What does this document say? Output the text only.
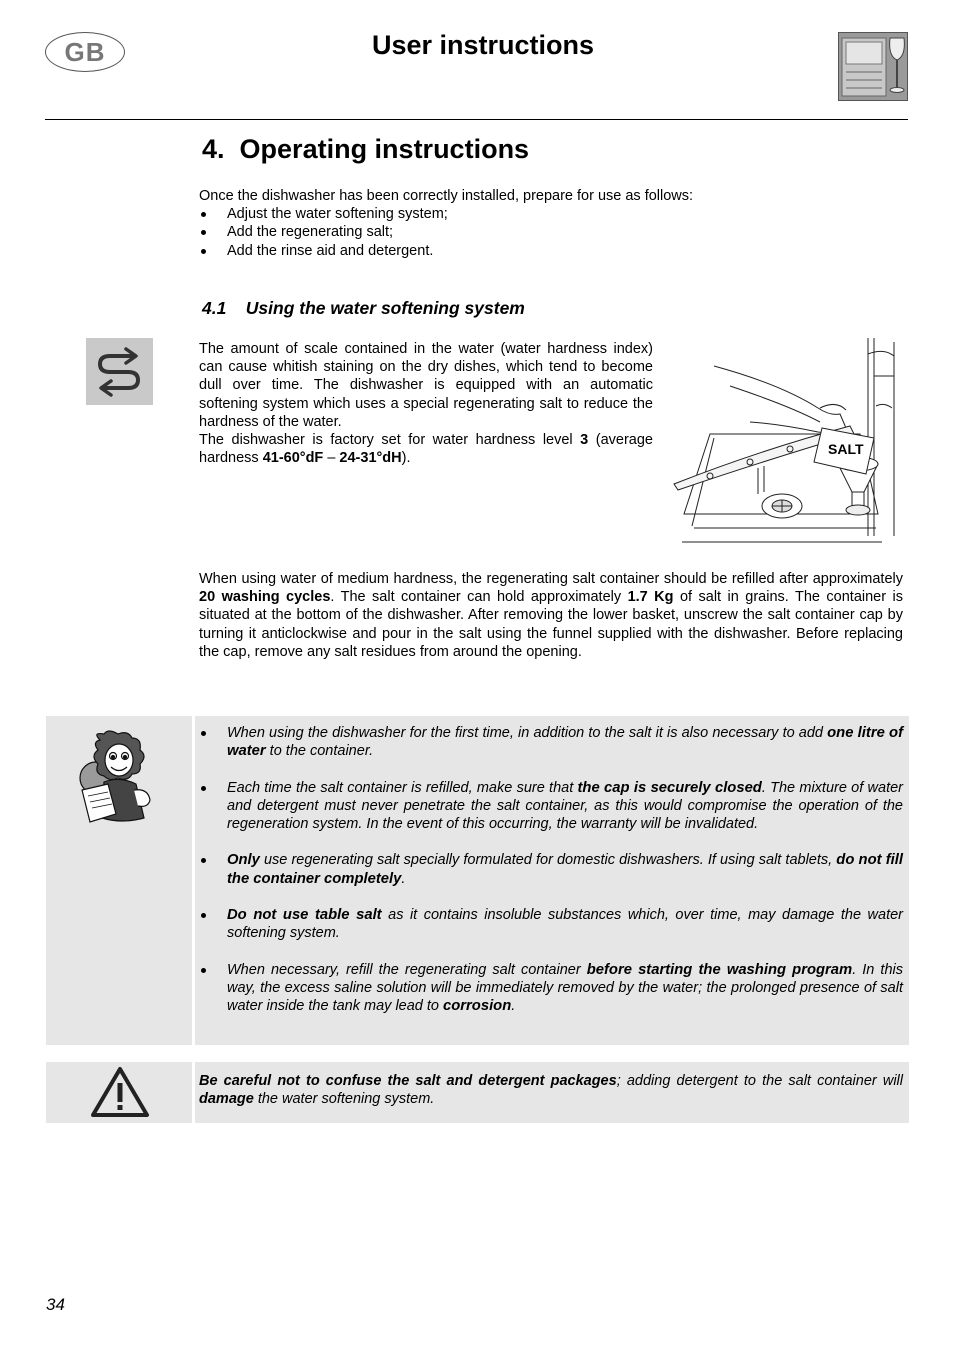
GB	User instructions
4. Operating instructions
Once the dishwasher has been correctly installed, prepare for use as follows:
Adjust the water softening system;
Add the regenerating salt;
Add the rinse aid and detergent.
4.1 Using the water softening system
The amount of scale contained in the water (water hardness index) can cause whitish staining on the dry dishes, which tend to become dull over time. The dishwasher is equipped with an automatic softening system which uses a special regenerating salt to reduce the hardness of the water.
The dishwasher is factory set for water hardness level 3 (average hardness 41-60°dF – 24-31°dH).
SALT
When using water of medium hardness, the regenerating salt container should be refilled after approximately 20 washing cycles. The salt container can hold approximately 1.7 Kg of salt in grains. The container is situated at the bottom of the dishwasher. After removing the lower basket, unscrew the salt container cap by turning it anticlockwise and pour in the salt using the funnel supplied with the dishwasher. Before replacing the cap, remove any salt residues from around the opening.
When using the dishwasher for the first time, in addition to the salt it is also necessary to add one litre of water to the container.
Each time the salt container is refilled, make sure that the cap is securely closed. The mixture of water and detergent must never penetrate the salt container, as this would compromise the operation of the regeneration system. In the event of this occurring, the warranty will be invalidated.
Only use regenerating salt specially formulated for domestic dishwashers. If using salt tablets, do not fill the container completely.
Do not use table salt as it contains insoluble substances which, over time, may damage the water softening system.
When necessary, refill the regenerating salt container before starting the washing program. In this way, the excess saline solution will be immediately removed by the water; the prolonged presence of salt water inside the tank may lead to corrosion.
Be careful not to confuse the salt and detergent packages; adding detergent to the salt container will damage the water softening system.
34
